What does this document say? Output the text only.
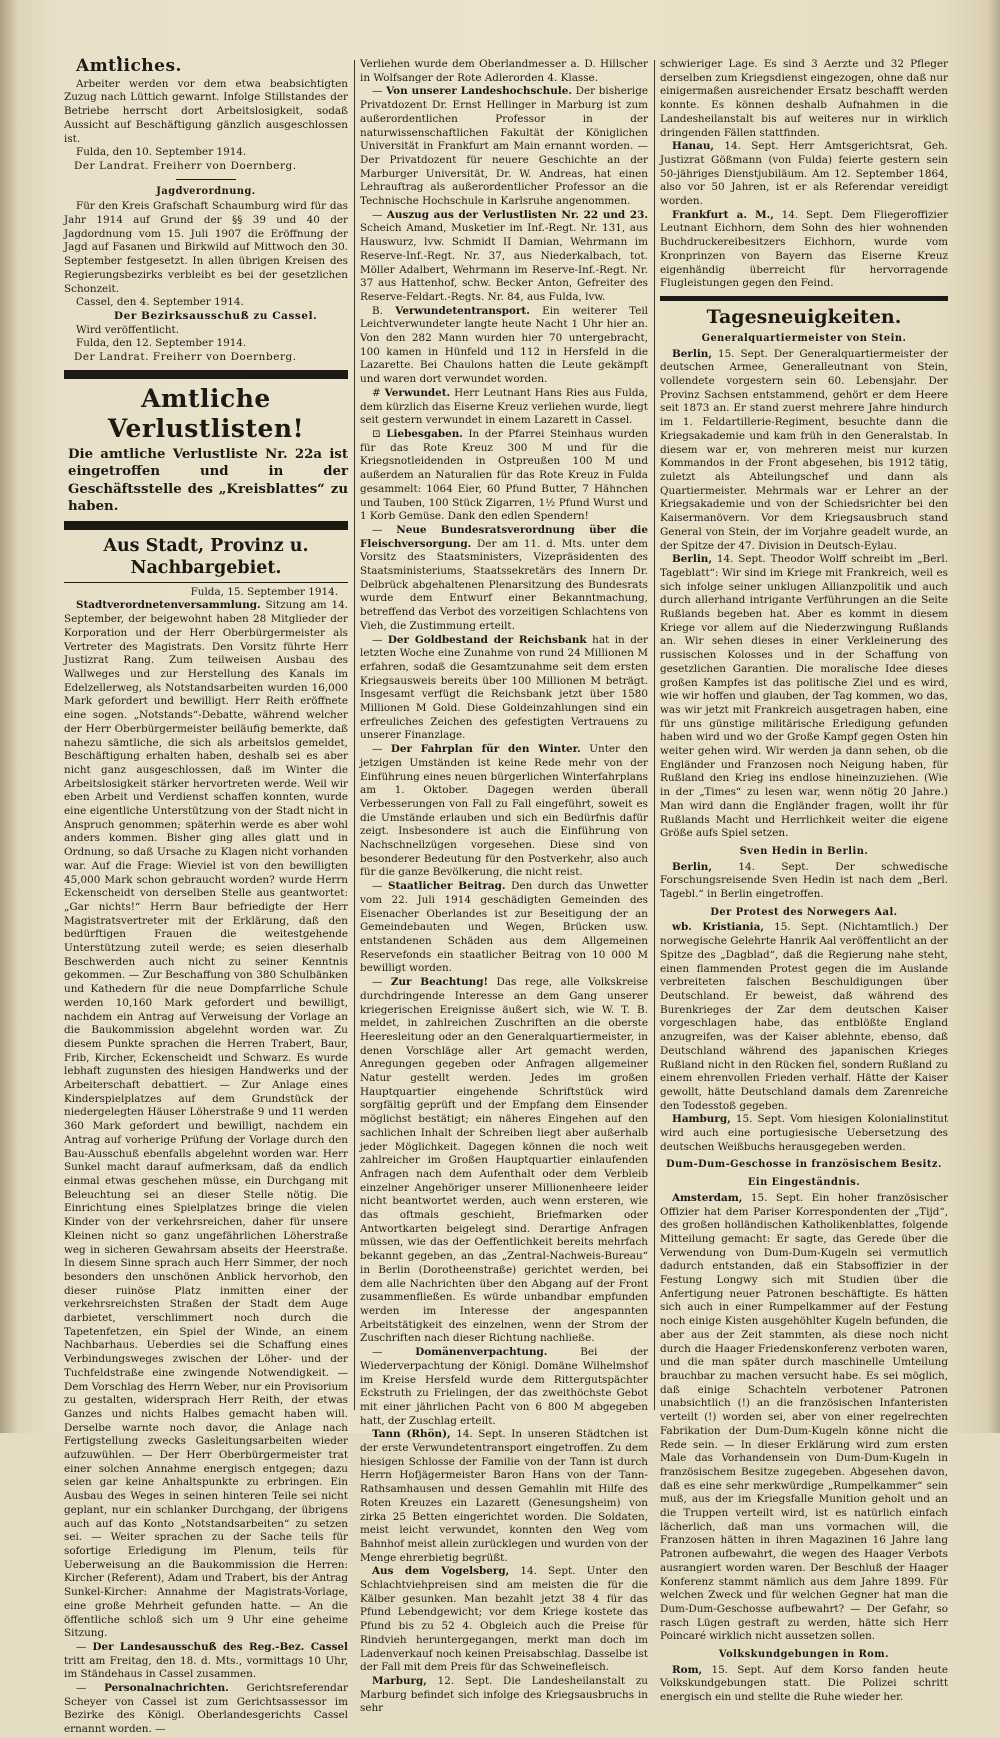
Amtliches.

Arbeiter werden vor dem etwa beabsichtigten Zuzug nach Lüttich gewarnt. Infolge Stillstandes der Betriebe herrscht dort Arbeitslosigkeit, sodaß Aussicht auf Beschäftigung gänzlich ausgeschlossen ist.

Fulda, den 10. September 1914.

Der Landrat. Freiherr von Doernberg.

Jagdverordnung.

Für den Kreis Grafschaft Schaumburg wird für das Jahr 1914 auf Grund der §§ 39 und 40 der Jagdordnung vom 15. Juli 1907 die Eröffnung der Jagd auf Fasanen und Birkwild auf Mittwoch den 30. September festgesetzt. In allen übrigen Kreisen des Regierungsbezirks verbleibt es bei der gesetzlichen Schonzeit.

Cassel, den 4. September 1914.

Der Bezirksausschuß zu Cassel.

Wird veröffentlicht.

Fulda, den 12. September 1914.

Der Landrat. Freiherr von Doernberg.

Amtliche Verlustlisten!

Die amtliche Verlustliste Nr. 22a ist eingetroffen und in der Geschäftsstelle des „Kreisblattes“ zu haben.

Aus Stadt, Provinz u. Nachbargebiet.

Fulda, 15. September 1914.

Stadtverordnetenversammlung. Sitzung am 14. September, der beigewohnt haben 28 Mitglieder der Korporation und der Herr Oberbürgermeister als Vertreter des Magistrats. Den Vorsitz führte Herr Justizrat Rang. Zum teilweisen Ausbau des Wallweges und zur Herstellung des Kanals im Edelzellerweg, als Notstandsarbeiten wurden 16,000 Mark gefordert und bewilligt. Herr Reith eröffnete eine sogen. „Notstands“-Debatte, während welcher der Herr Oberbürgermeister beiläufig bemerkte, daß nahezu sämtliche, die sich als arbeitslos gemeldet, Beschäftigung erhalten haben, deshalb sei es aber nicht ganz ausgeschlossen, daß im Winter die Arbeitslosigkeit stärker hervortreten werde. Weil wir eben Arbeit und Verdienst schaffen konnten, wurde eine eigentliche Unterstützung von der Stadt nicht in Anspruch genommen; späterhin werde es aber wohl anders kommen. Bisher ging alles glatt und in Ordnung, so daß Ursache zu Klagen nicht vorhanden war. Auf die Frage: Wieviel ist von den bewilligten 45,000 Mark schon gebraucht worden? wurde Herrn Eckenscheidt von derselben Stelle aus geantwortet: „Gar nichts!“ Herrn Baur befriedigte der Herr Magistratsvertreter mit der Erklärung, daß den bedürftigen Frauen die weitestgehende Unterstützung zuteil werde; es seien dieserhalb Beschwerden auch nicht zu seiner Kenntnis gekommen. — Zur Beschaffung von 380 Schulbänken und Kathedern für die neue Dompfarrliche Schule werden 10,160 Mark gefordert und bewilligt, nachdem ein Antrag auf Verweisung der Vorlage an die Baukommission abgelehnt worden war. Zu diesem Punkte sprachen die Herren Trabert, Baur, Frib, Kircher, Eckenscheidt und Schwarz. Es wurde lebhaft zugunsten des hiesigen Handwerks und der Arbeiterschaft debattiert. — Zur Anlage eines Kinderspielplatzes auf dem Grundstück der niedergelegten Häuser Löherstraße 9 und 11 werden 360 Mark gefordert und bewilligt, nachdem ein Antrag auf vorherige Prüfung der Vorlage durch den Bau-Ausschuß ebenfalls abgelehnt worden war. Herr Sunkel macht darauf aufmerksam, daß da endlich einmal etwas geschehen müsse, ein Durchgang mit Beleuchtung sei an dieser Stelle nötig. Die Einrichtung eines Spielplatzes bringe die vielen Kinder von der verkehrsreichen, daher für unsere Kleinen nicht so ganz ungefährlichen Löherstraße weg in sicheren Gewahrsam abseits der Heerstraße. In diesem Sinne sprach auch Herr Simmer, der noch besonders den unschönen Anblick hervorhob, den dieser ruinöse Platz inmitten einer der verkehrsreichsten Straßen der Stadt dem Auge darbietet, verschlimmert noch durch die Tapetenfetzen, ein Spiel der Winde, an einem Nachbarhaus. Ueberdies sei die Schaffung eines Verbindungsweges zwischen der Löher- und der Tuchfeldstraße eine zwingende Notwendigkeit. — Dem Vorschlag des Herrn Weber, nur ein Provisorium zu gestalten, widersprach Herr Reith, der etwas Ganzes und nichts Halbes gemacht haben will. Derselbe warnte noch davor, die Anlage nach Fertigstellung zwecks Gasleitungsarbeiten wieder aufzuwühlen. — Der Herr Oberbürgermeister trat einer solchen Annahme energisch entgegen; dazu seien gar keine Anhaltspunkte zu erbringen. Ein Ausbau des Weges in seinen hinteren Teile sei nicht geplant, nur ein schlanker Durchgang, der übrigens auch auf das Konto „Notstandsarbeiten“ zu setzen sei. — Weiter sprachen zu der Sache teils für sofortige Erledigung im Plenum, teils für Ueberweisung an die Baukommission die Herren: Kircher (Referent), Adam und Trabert, bis der Antrag Sunkel-Kircher: Annahme der Magistrats-Vorlage, eine große Mehrheit gefunden hatte. — An die öffentliche schloß sich um 9 Uhr eine geheime Sitzung.

— Der Landesausschuß des Reg.-Bez. Cassel tritt am Freitag, den 18. d. Mts., vormittags 10 Uhr, im Ständehaus in Cassel zusammen.

— Personalnachrichten. Gerichtsreferendar Scheyer von Cassel ist zum Gerichtsassessor im Bezirke des Königl. Oberlandesgerichts Cassel ernannt worden. —

Verliehen wurde dem Oberlandmesser a. D. Hillscher in Wolfsanger der Rote Adlerorden 4. Klasse.

— Von unserer Landeshochschule. Der bisherige Privatdozent Dr. Ernst Hellinger in Marburg ist zum außerordentlichen Professor in der naturwissenschaftlichen Fakultät der Königlichen Universität in Frankfurt am Main ernannt worden. — Der Privatdozent für neuere Geschichte an der Marburger Universität, Dr. W. Andreas, hat einen Lehrauftrag als außerordentlicher Professor an die Technische Hochschule in Karlsruhe angenommen.

— Auszug aus der Verlustlisten Nr. 22 und 23. Scheich Amand, Musketier im Inf.-Regt. Nr. 131, aus Hauswurz, lvw. Schmidt II Damian, Wehrmann im Reserve-Inf.-Regt. Nr. 37, aus Niederkalbach, tot. Möller Adalbert, Wehrmann im Reserve-Inf.-Regt. Nr. 37 aus Hattenhof, schw. Becker Anton, Gefreiter des Reserve-Feldart.-Regts. Nr. 84, aus Fulda, lvw.

B. Verwundetentransport. Ein weiterer Teil Leichtverwundeter langte heute Nacht 1 Uhr hier an. Von den 282 Mann wurden hier 70 untergebracht, 100 kamen in Hünfeld und 112 in Hersfeld in die Lazarette. Bei Chaulons hatten die Leute gekämpft und waren dort verwundet worden.

# Verwundet. Herr Leutnant Hans Ries aus Fulda, dem kürzlich das Eiserne Kreuz verliehen wurde, liegt seit gestern verwundet in einem Lazarett in Cassel.

⊡ Liebesgaben. In der Pfarrei Steinhaus wurden für das Rote Kreuz 300 M und für die Kriegsnotleidenden in Ostpreußen 100 M und außerdem an Naturalien für das Rote Kreuz in Fulda gesammelt: 1064 Eier, 60 Pfund Butter, 7 Hähnchen und Tauben, 100 Stück Zigarren, 1½ Pfund Wurst und 1 Korb Gemüse. Dank den edlen Spendern!

— Neue Bundesratsverordnung über die Fleischversorgung. Der am 11. d. Mts. unter dem Vorsitz des Staatsministers, Vizepräsidenten des Staatsministeriums, Staatssekretärs des Innern Dr. Delbrück abgehaltenen Plenarsitzung des Bundesrats wurde dem Entwurf einer Bekanntmachung, betreffend das Verbot des vorzeitigen Schlachtens von Vieh, die Zustimmung erteilt.

— Der Goldbestand der Reichsbank hat in der letzten Woche eine Zunahme von rund 24 Millionen M erfahren, sodaß die Gesamtzunahme seit dem ersten Kriegsausweis bereits über 100 Millionen M beträgt. Insgesamt verfügt die Reichsbank jetzt über 1580 Millionen M Gold. Diese Goldeinzahlungen sind ein erfreuliches Zeichen des gefestigten Vertrauens zu unserer Finanzlage.

— Der Fahrplan für den Winter. Unter den jetzigen Umständen ist keine Rede mehr von der Einführung eines neuen bürgerlichen Winterfahrplans am 1. Oktober. Dagegen werden überall Verbesserungen von Fall zu Fall eingeführt, soweit es die Umstände erlauben und sich ein Bedürfnis dafür zeigt. Insbesondere ist auch die Einführung von Nachschnellzügen vorgesehen. Diese sind von besonderer Bedeutung für den Postverkehr, also auch für die ganze Bevölkerung, die nicht reist.

— Staatlicher Beitrag. Den durch das Unwetter vom 22. Juli 1914 geschädigten Gemeinden des Eisenacher Oberlandes ist zur Beseitigung der an Gemeindebauten und Wegen, Brücken usw. entstandenen Schäden aus dem Allgemeinen Reservefonds ein staatlicher Beitrag von 10 000 M bewilligt worden.

— Zur Beachtung! Das rege, alle Volkskreise durchdringende Interesse an dem Gang unserer kriegerischen Ereignisse äußert sich, wie W. T. B. meldet, in zahlreichen Zuschriften an die oberste Heeresleitung oder an den Generalquartiermeister, in denen Vorschläge aller Art gemacht werden, Anregungen gegeben oder Anfragen allgemeiner Natur gestellt werden. Jedes im großen Hauptquartier eingehende Schriftstück wird sorgfältig geprüft und der Empfang dem Einsender möglichst bestätigt; ein näheres Eingehen auf den sachlichen Inhalt der Schreiben liegt aber außerhalb jeder Möglichkeit. Dagegen können die noch weit zahlreicher im Großen Hauptquartier einlaufenden Anfragen nach dem Aufenthalt oder dem Verbleib einzelner Angehöriger unserer Millionenheere leider nicht beantwortet werden, auch wenn ersteren, wie das oftmals geschieht, Briefmarken oder Antwortkarten beigelegt sind. Derartige Anfragen müssen, wie das der Oeffentlichkeit bereits mehrfach bekannt gegeben, an das „Zentral-Nachweis-Bureau“ in Berlin (Dorotheenstraße) gerichtet werden, bei dem alle Nachrichten über den Abgang auf der Front zusammenfließen. Es würde unbandbar empfunden werden im Interesse der angespannten Arbeitstätigkeit des einzelnen, wenn der Strom der Zuschriften nach dieser Richtung nachließe.

— Domänenverpachtung.	Bei der Wiederverpachtung der Königl. Domäne Wilhelmshof im Kreise Hersfeld wurde dem Rittergutspächter Eckstruth zu Frielingen, der das zweithöchste Gebot mit einer jährlichen Pacht von 6 800 M abgegeben hatt, der Zuschlag erteilt.

Tann (Rhön), 14. Sept. In unseren Städtchen ist der erste Verwundetentransport eingetroffen. Zu dem hiesigen Schlosse der Familie von der Tann ist durch Herrn Hofjägermeister Baron Hans von der Tann-Rathsamhausen und dessen Gemahlin mit Hilfe des Roten Kreuzes ein Lazarett (Genesungsheim) von zirka 25 Betten eingerichtet worden. Die Soldaten, meist leicht verwundet, konnten den Weg vom Bahnhof meist allein zurücklegen und wurden von der Menge ehrerbietig begrüßt.

Aus dem Vogelsberg, 14. Sept. Unter den Schlachtviehpreisen sind am meisten die für die Kälber gesunken. Man bezahlt jetzt 38 4 für das Pfund Lebendgewicht; vor dem Kriege kostete das Pfund bis zu 52 4. Obgleich auch die Preise für Rindvieh heruntergegangen, merkt man doch im Ladenverkauf noch keinen Preisabschlag. Dasselbe ist der Fall mit dem Preis für das Schweinefleisch.

Marburg, 12. Sept. Die Landesheilanstalt zu Marburg befindet sich infolge des Kriegsausbruchs in sehr

schwieriger Lage. Es sind 3 Aerzte und 32 Pfleger derselben zum Kriegsdienst eingezogen, ohne daß nur einigermaßen ausreichender Ersatz beschafft werden konnte. Es können deshalb Aufnahmen in die Landesheilanstalt bis auf weiteres nur in wirklich dringenden Fällen stattfinden.

Hanau, 14. Sept. Herr Amtsgerichtsrat, Geh. Justizrat Gößmann (von Fulda) feierte gestern sein 50-jähriges Dienstjubiläum. Am 12. September 1864, also vor 50 Jahren, ist er als Referendar vereidigt worden.

Frankfurt a. M., 14. Sept. Dem Fliegeroffizier Leutnant Eichhorn, dem Sohn des hier wohnenden Buchdruckereibesitzers Eichhorn, wurde vom Kronprinzen von Bayern das Eiserne Kreuz eigenhändig überreicht für hervorragende Flugleistungen gegen den Feind.

Tagesneuigkeiten.
Generalquartiermeister von Stein.

Berlin, 15. Sept. Der Generalquartiermeister der deutschen Armee, Generalleutnant von Stein, vollendete vorgestern sein 60. Lebensjahr. Der Provinz Sachsen entstammend, gehört er dem Heere seit 1873 an. Er stand zuerst mehrere Jahre hindurch im 1. Feldartillerie-Regiment, besuchte dann die Kriegsakademie und kam früh in den Generalstab. In diesem war er, von mehreren meist nur kurzen Kommandos in der Front abgesehen, bis 1912 tätig, zuletzt als Abteilungschef und dann als Quartiermeister. Mehrmals war er Lehrer an der Kriegsakademie und von der Schiedsrichter bei den Kaisermanövern. Vor dem Kriegsausbruch stand General von Stein, der im Vorjahre geadelt wurde, an der Spitze der 47. Division in Deutsch-Eylau.

Berlin, 14. Sept. Theodor Wolff schreibt im „Berl. Tageblatt“: Wir sind im Kriege mit Frankreich, weil es sich infolge seiner unklugen Allianzpolitik und auch durch allerhand intrigante Verführungen an die Seite Rußlands begeben hat. Aber es kommt in diesem Kriege vor allem auf die Niederzwingung Rußlands an. Wir sehen dieses in einer Verkleinerung des russischen Kolosses und in der Schaffung von gesetzlichen Garantien. Die moralische Idee dieses großen Kampfes ist das politische Ziel und es wird, wie wir hoffen und glauben, der Tag kommen, wo das, was wir jetzt mit Frankreich ausgetragen haben, eine für uns günstige militärische Erledigung gefunden haben wird und wo der Große Kampf gegen Osten hin weiter gehen wird. Wir werden ja dann sehen, ob die Engländer und Franzosen noch Neigung haben, für Rußland den Krieg ins endlose hineinzuziehen. (Wie in der „Times“ zu lesen war, wenn nötig 20 Jahre.) Man wird dann die Engländer fragen, wollt ihr für Rußlands Macht und Herrlichkeit weiter die eigene Größe aufs Spiel setzen.

Sven Hedin in Berlin.

Berlin,	14. Sept. Der schwedische Forschungsreisende Sven Hedin ist nach dem „Berl. Tagebl.“ in Berlin eingetroffen.

Der Protest des Norwegers Aal.

wb. Kristiania, 15. Sept. (Nichtamtlich.) Der norwegische Gelehrte Hanrik Aal veröffentlicht an der Spitze des „Dagblad“, daß die Regierung nahe steht, einen flammenden Protest gegen die im Auslande verbreiteten falschen Beschuldigungen über Deutschland. Er beweist, daß während des Burenkrieges der Zar dem deutschen Kaiser vorgeschlagen habe, das entblößte England anzugreifen, was der Kaiser ablehnte, ebenso, daß Deutschland während des japanischen Krieges Rußland nicht in den Rücken fiel, sondern Rußland zu einem ehrenvollen Frieden verhalf. Hätte der Kaiser gewollt, hätte Deutschland damals dem Zarenreiche den Todesstoß gegeben.

Hamburg, 15. Sept. Vom hiesigen Kolonialinstitut wird auch eine portugiesische Uebersetzung des deutschen Weißbuchs herausgegeben werden.

Dum-Dum-Geschosse in französischem Besitz.
Ein Eingeständnis.

Amsterdam, 15. Sept. Ein hoher französischer Offizier hat dem Pariser Korrespondenten der „Tijd“, des großen holländischen Katholikenblattes, folgende Mitteilung gemacht: Er sagte, das Gerede über die Verwendung von Dum-Dum-Kugeln sei vermutlich dadurch entstanden, daß ein Stabsoffizier in der Festung Longwy sich mit Studien über die Anfertigung neuer Patronen beschäftigte. Es hätten sich auch in einer Rumpelkammer auf der Festung noch einige Kisten ausgehöhlter Kugeln befunden, die aber aus der Zeit stammten, als diese noch nicht durch die Haager Friedenskonferenz verboten waren, und die man später durch maschinelle Umteilung brauchbar zu machen versucht habe. Es sei möglich, daß einige Schachteln verbotener Patronen unabsichtlich (!) an die französischen Infanteristen verteilt (!) worden sei, aber von einer regelrechten Fabrikation der Dum-Dum-Kugeln könne nicht die Rede sein. — In dieser Erklärung wird zum ersten Male das Vorhandensein von Dum-Dum-Kugeln in französischem Besitze zugegeben. Abgesehen davon, daß es eine sehr merkwürdige „Rumpelkammer“ sein muß, aus der im Kriegsfalle Munition geholt und an die Truppen verteilt wird, ist es natürlich einfach lächerlich, daß man uns vormachen will, die Franzosen hätten in ihren Magazinen 16 Jahre lang Patronen aufbewahrt, die wegen des Haager Verbots ausrangiert worden waren. Der Beschluß der Haager Konferenz stammt nämlich aus dem Jahre 1899. Für welchen Zweck und für welchen Gegner hat man die Dum-Dum-Geschosse aufbewahrt? — Der Gefahr, so rasch Lügen gestraft zu werden, hätte sich Herr Poincaré wirklich nicht aussetzen sollen.

Volkskundgebungen in Rom.

Rom, 15. Sept. Auf dem Korso fanden heute Volkskundgebungen statt. Die Polizei schritt energisch ein und stellte die Ruhe wieder her.
